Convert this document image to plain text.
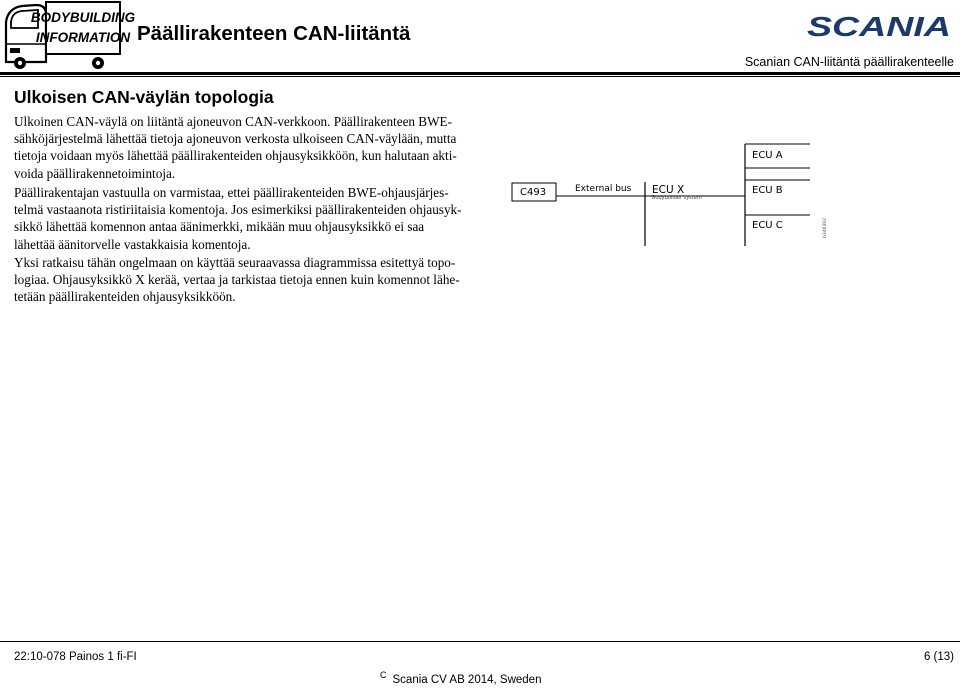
BODYBUILDING
INFORMATION Päällirakenteen CAN-liitäntä	SCANIA
Scanian CAN-liitäntä päällirakenteelle
Ulkoisen CAN-väylän topologia
Ulkoinen CAN-väylä on liitäntä ajoneuvon CAN-verkkoon. Päällirakenteen BWE-
sähköjärjestelmä lähettää tietoja ajoneuvon verkosta ulkoiseen CAN-väylään, mutta
tietoja voidaan myös lähettää päällirakenteiden ohjausyksikköön, kun halutaan akti-
voida päällirakennetoimintoja.
Päällirakentajan vastuulla on varmistaa, ettei päällirakenteiden BWE-ohjausjärjes-
telmä vastaanota ristiriitaisia komentoja. Jos esimerkiksi päällirakenteiden ohjausyk-
sikkö lähettää komennon antaa äänimerkki, mikään muu ohjausyksikkö ei saa
lähettää äänitorvelle vastakkaisia komentoja.
Yksi ratkaisu tähän ongelmaan on käyttää seuraavassa diagrammissa esitettyä topo-
logiaa. Ohjausyksikkö X kerää, vertaa ja tarkistaa tietoja ennen kuin komennot lähe-
tetään päällirakenteiden ohjausyksikköön.
C493	External bus ECU X
Bodybuilder system
ECU A
ECU B
ECU C	b346392
22:10-078 Painos 1 fi-FI	6 (13)
$^C$ Scania CV AB 2014, Sweden
